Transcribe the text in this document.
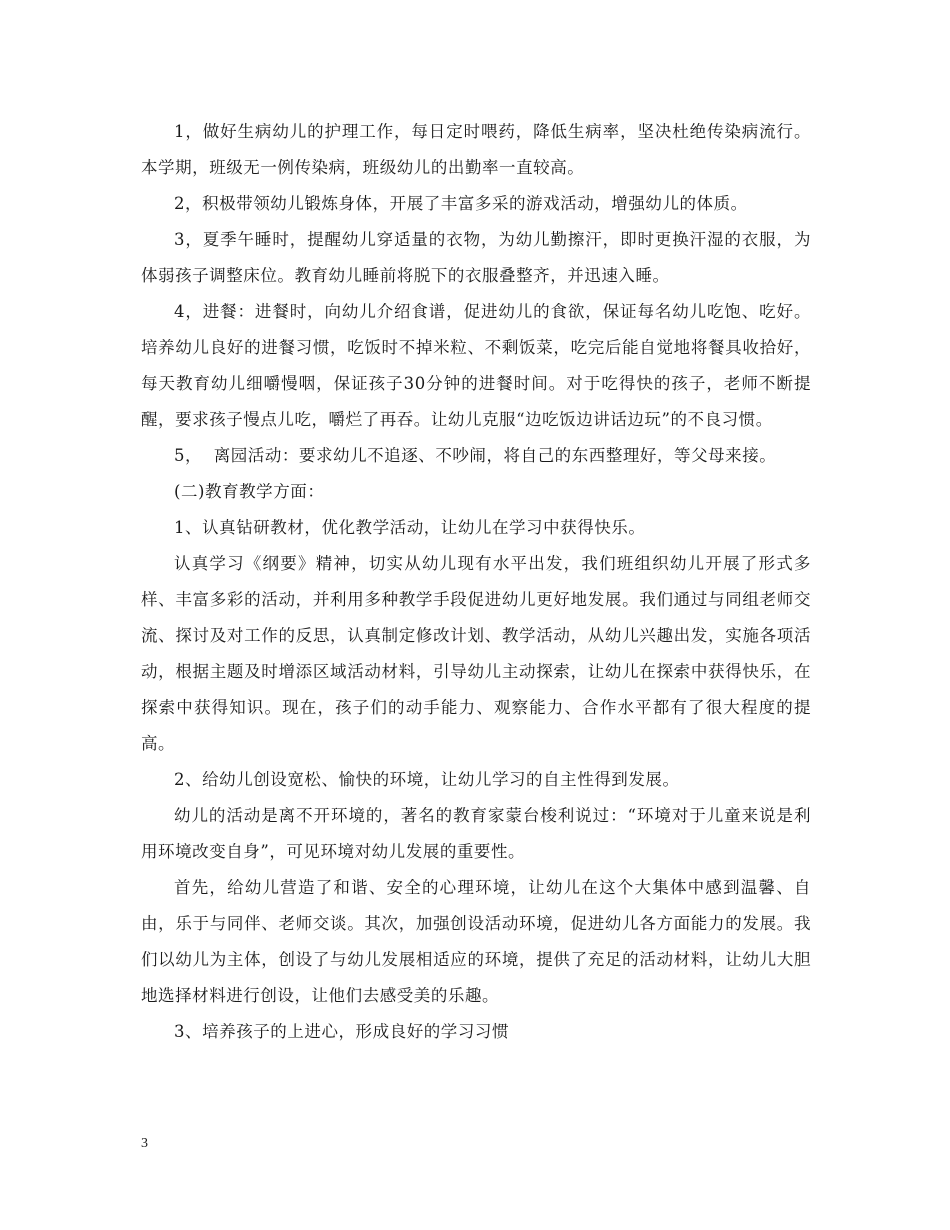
1，做好生病幼儿的护理工作，每日定时喂药，降低生病率，坚决杜绝传染病流行。本学期，班级无一例传染病，班级幼儿的出勤率一直较高。

2，积极带领幼儿锻炼身体，开展了丰富多采的游戏活动，增强幼儿的体质。

3，夏季午睡时，提醒幼儿穿适量的衣物，为幼儿勤擦汗，即时更换汗湿的衣服，为体弱孩子调整床位。教育幼儿睡前将脱下的衣服叠整齐，并迅速入睡。

4，进餐：进餐时，向幼儿介绍食谱，促进幼儿的食欲，保证每名幼儿吃饱、吃好。培养幼儿良好的进餐习惯，吃饭时不掉米粒、不剩饭菜，吃完后能自觉地将餐具收拾好，每天教育幼儿细嚼慢咽，保证孩子30分钟的进餐时间。对于吃得快的孩子，老师不断提醒，要求孩子慢点儿吃，嚼烂了再吞。让幼儿克服“边吃饭边讲话边玩”的不良习惯。

5，  离园活动：要求幼儿不追逐、不吵闹，将自己的东西整理好，等父母来接。

(二)教育教学方面：

1、认真钻研教材，优化教学活动，让幼儿在学习中获得快乐。

认真学习《纲要》精神，切实从幼儿现有水平出发，我们班组织幼儿开展了形式多样、丰富多彩的活动，并利用多种教学手段促进幼儿更好地发展。我们通过与同组老师交流、探讨及对工作的反思，认真制定修改计划、教学活动，从幼儿兴趣出发，实施各项活动，根据主题及时增添区域活动材料，引导幼儿主动探索，让幼儿在探索中获得快乐，在探索中获得知识。现在，孩子们的动手能力、观察能力、合作水平都有了很大程度的提高。

2、给幼儿创设宽松、愉快的环境，让幼儿学习的自主性得到发展。

幼儿的活动是离不开环境的，著名的教育家蒙台梭利说过：“环境对于儿童来说是利用环境改变自身”，可见环境对幼儿发展的重要性。

首先，给幼儿营造了和谐、安全的心理环境，让幼儿在这个大集体中感到温馨、自由，乐于与同伴、老师交谈。其次，加强创设活动环境，促进幼儿各方面能力的发展。我们以幼儿为主体，创设了与幼儿发展相适应的环境，提供了充足的活动材料，让幼儿大胆地选择材料进行创设，让他们去感受美的乐趣。

3、培养孩子的上进心，形成良好的学习习惯

3
